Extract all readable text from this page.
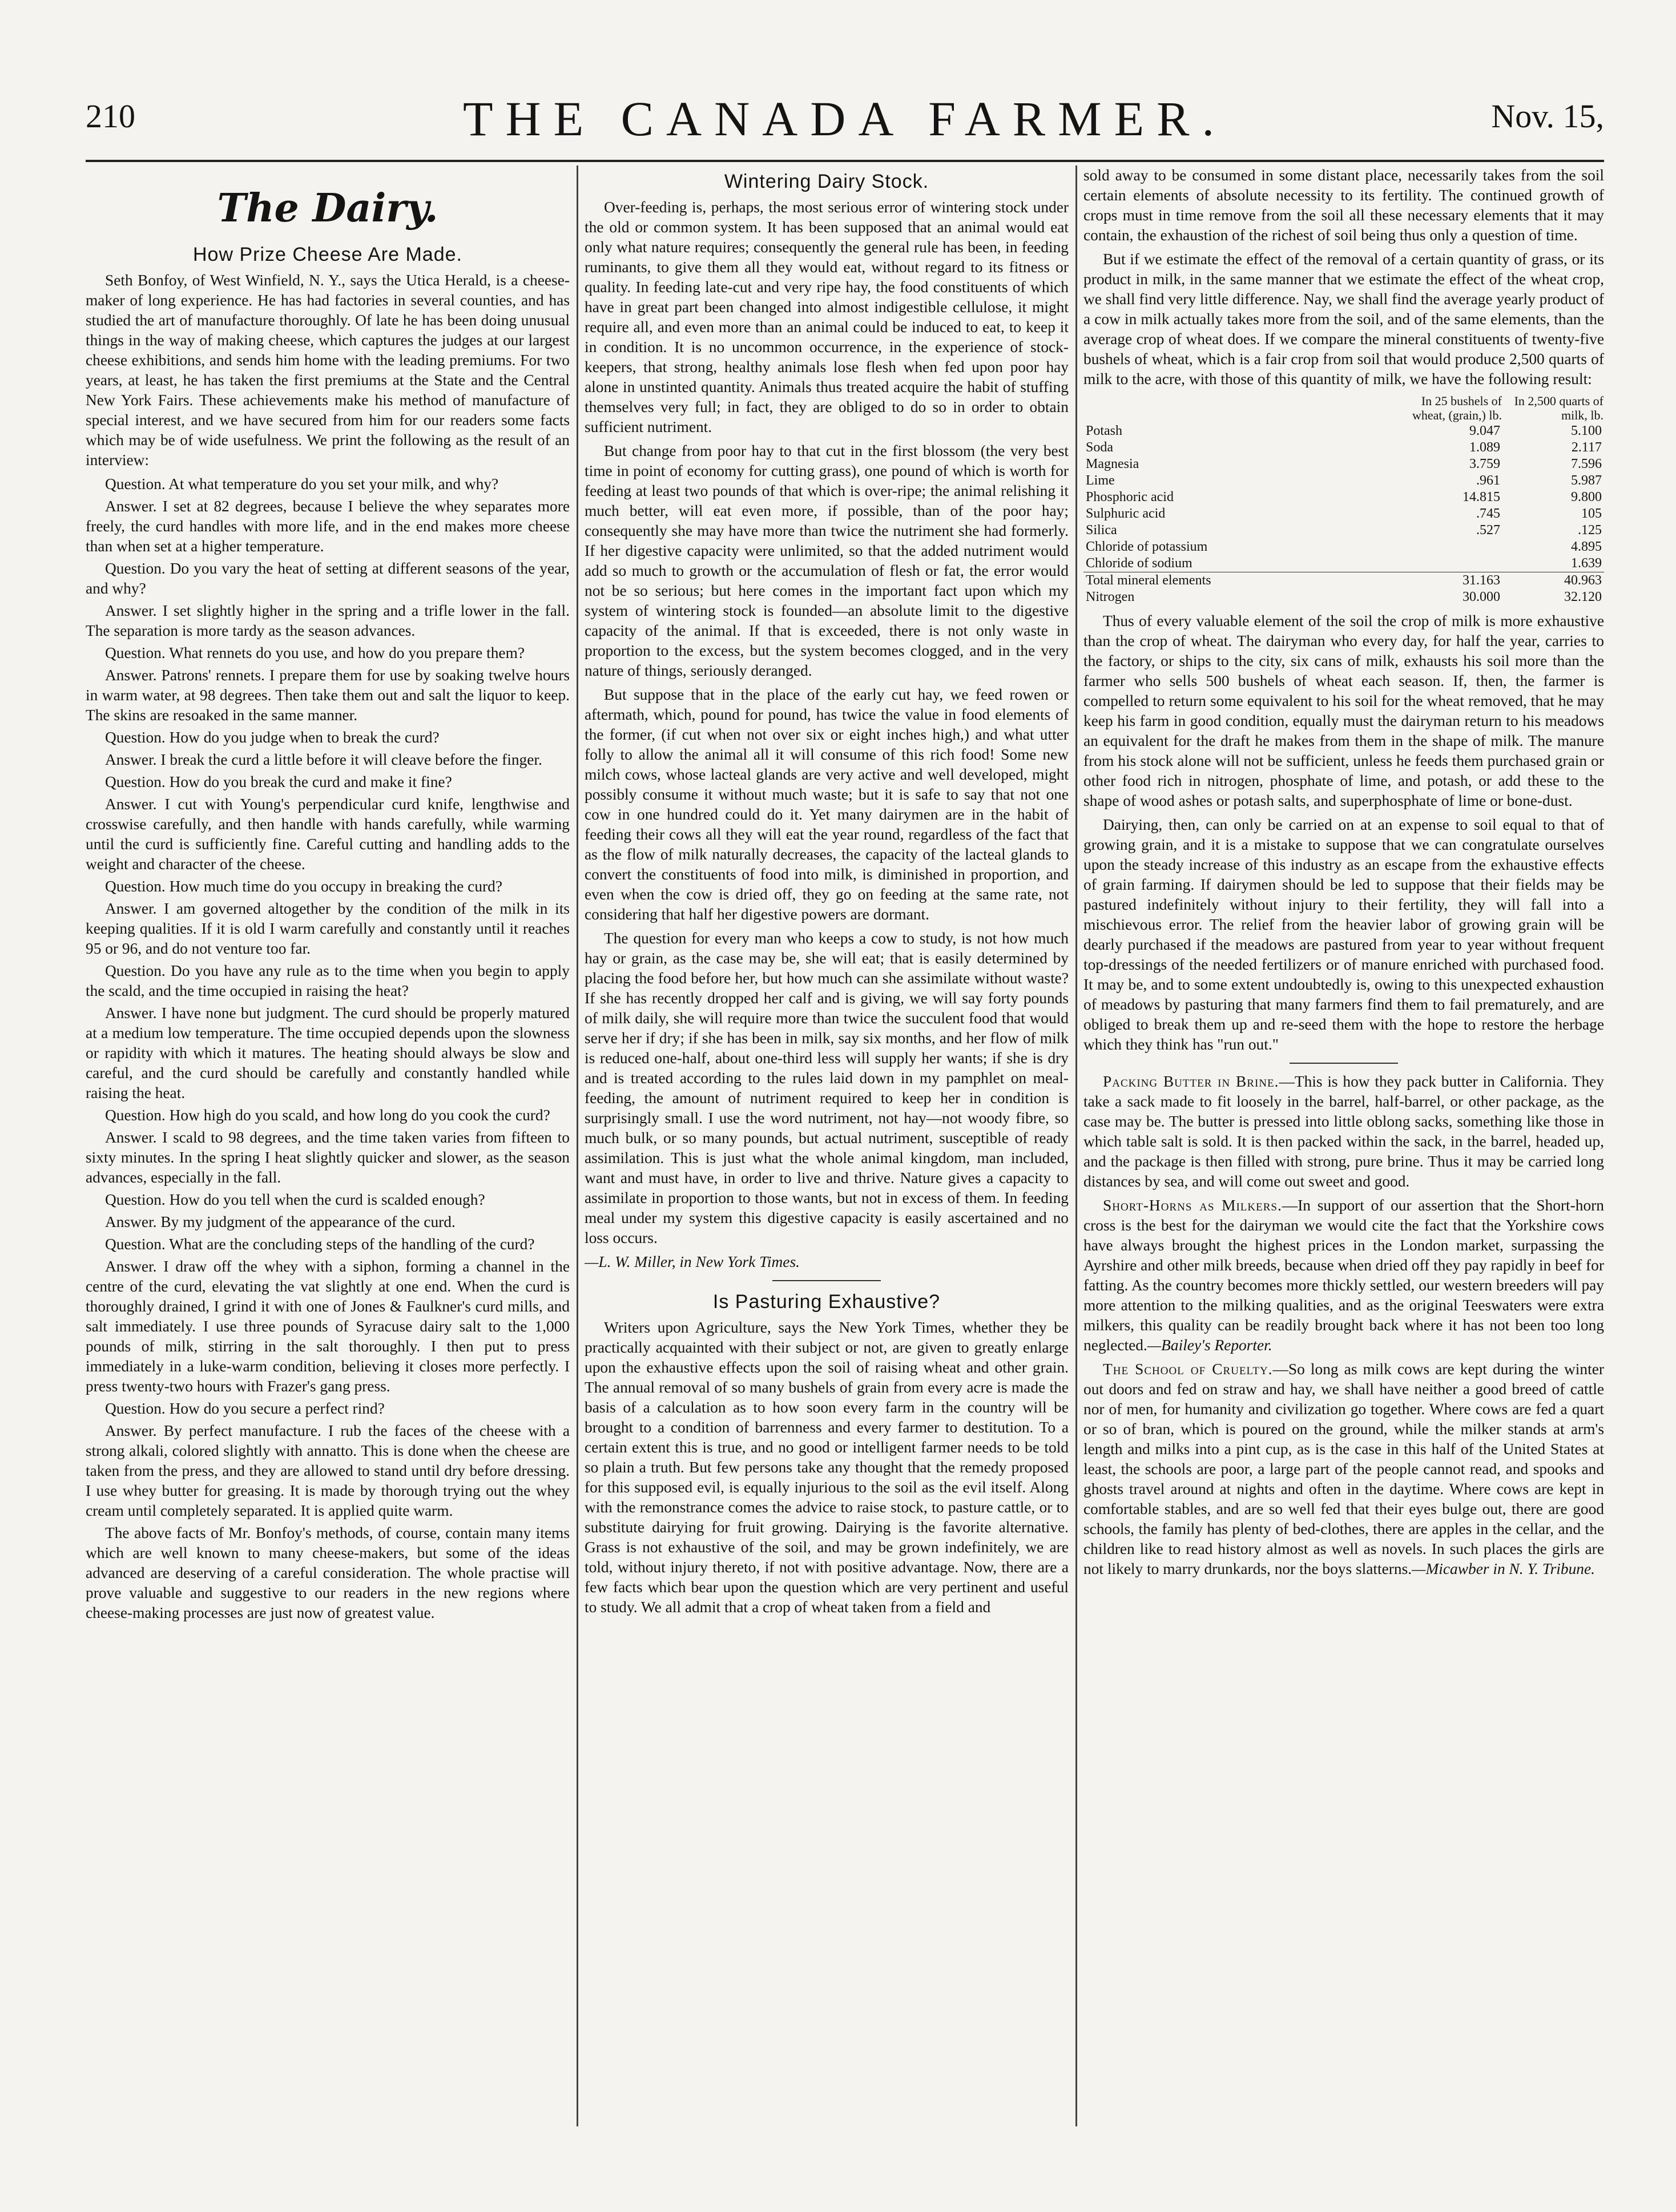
210	THE CANADA FARMER.	Nov. 15,
The Dairy.
How Prize Cheese Are Made.

Seth Bonfoy, of West Winfield, N. Y., says the Utica Herald, is a cheese-maker of long experience. He has had factories in several counties, and has studied the art of manufacture thoroughly. Of late he has been doing unusual things in the way of making cheese, which captures the judges at our largest cheese exhibitions, and sends him home with the leading premiums. For two years, at least, he has taken the first premiums at the State and the Central New York Fairs. These achievements make his method of manufacture of special interest, and we have secured from him for our readers some facts which may be of wide usefulness. We print the following as the result of an interview:

Question. At what temperature do you set your milk, and why?

Answer. I set at 82 degrees, because I believe the whey separates more freely, the curd handles with more life, and in the end makes more cheese than when set at a higher temperature.

Question. Do you vary the heat of setting at different seasons of the year, and why?

Answer. I set slightly higher in the spring and a trifle lower in the fall. The separation is more tardy as the season advances.

Question. What rennets do you use, and how do you prepare them?

Answer. Patrons' rennets. I prepare them for use by soaking twelve hours in warm water, at 98 degrees. Then take them out and salt the liquor to keep. The skins are resoaked in the same manner.

Question. How do you judge when to break the curd?

Answer. I break the curd a little before it will cleave before the finger.

Question. How do you break the curd and make it fine?

Answer. I cut with Young's perpendicular curd knife, lengthwise and crosswise carefully, and then handle with hands carefully, while warming until the curd is sufficiently fine. Careful cutting and handling adds to the weight and character of the cheese.

Question. How much time do you occupy in breaking the curd?

Answer. I am governed altogether by the condition of the milk in its keeping qualities. If it is old I warm carefully and constantly until it reaches 95 or 96, and do not venture too far.

Question. Do you have any rule as to the time when you begin to apply the scald, and the time occupied in raising the heat?

Answer. I have none but judgment. The curd should be properly matured at a medium low temperature. The time occupied depends upon the slowness or rapidity with which it matures. The heating should always be slow and careful, and the curd should be carefully and constantly handled while raising the heat.

Question. How high do you scald, and how long do you cook the curd?

Answer. I scald to 98 degrees, and the time taken varies from fifteen to sixty minutes. In the spring I heat slightly quicker and slower, as the season advances, especially in the fall.

Question. How do you tell when the curd is scalded enough?

Answer. By my judgment of the appearance of the curd.

Question. What are the concluding steps of the handling of the curd?

Answer. I draw off the whey with a siphon, forming a channel in the centre of the curd, elevating the vat slightly at one end. When the curd is thoroughly drained, I grind it with one of Jones & Faulkner's curd mills, and salt immediately. I use three pounds of Syracuse dairy salt to the 1,000 pounds of milk, stirring in the salt thoroughly. I then put to press immediately in a luke-warm condition, believing it closes more perfectly. I press twenty-two hours with Frazer's gang press.

Question. How do you secure a perfect rind?

Answer. By perfect manufacture. I rub the faces of the cheese with a strong alkali, colored slightly with annatto. This is done when the cheese are taken from the press, and they are allowed to stand until dry before dressing. I use whey butter for greasing. It is made by thorough trying out the whey cream until completely separated. It is applied quite warm.

The above facts of Mr. Bonfoy's methods, of course, contain many items which are well known to many cheese-makers, but some of the ideas advanced are deserving of a careful consideration. The whole practise will prove valuable and suggestive to our readers in the new regions where cheese-making processes are just now of greatest value.

Wintering Dairy Stock.

Over-feeding is, perhaps, the most serious error of wintering stock under the old or common system. It has been supposed that an animal would eat only what nature requires; consequently the general rule has been, in feeding ruminants, to give them all they would eat, without regard to its fitness or quality. In feeding late-cut and very ripe hay, the food constituents of which have in great part been changed into almost indigestible cellulose, it might require all, and even more than an animal could be induced to eat, to keep it in condition. It is no uncommon occurrence, in the experience of stock-keepers, that strong, healthy animals lose flesh when fed upon poor hay alone in unstinted quantity. Animals thus treated acquire the habit of stuffing themselves very full; in fact, they are obliged to do so in order to obtain sufficient nutriment.

But change from poor hay to that cut in the first blossom (the very best time in point of economy for cutting grass), one pound of which is worth for feeding at least two pounds of that which is over-ripe; the animal relishing it much better, will eat even more, if possible, than of the poor hay; consequently she may have more than twice the nutriment she had formerly. If her digestive capacity were unlimited, so that the added nutriment would add so much to growth or the accumulation of flesh or fat, the error would not be so serious; but here comes in the important fact upon which my system of wintering stock is founded—an absolute limit to the digestive capacity of the animal. If that is exceeded, there is not only waste in proportion to the excess, but the system becomes clogged, and in the very nature of things, seriously deranged.

But suppose that in the place of the early cut hay, we feed rowen or aftermath, which, pound for pound, has twice the value in food elements of the former, (if cut when not over six or eight inches high,) and what utter folly to allow the animal all it will consume of this rich food! Some new milch cows, whose lacteal glands are very active and well developed, might possibly consume it without much waste; but it is safe to say that not one cow in one hundred could do it. Yet many dairymen are in the habit of feeding their cows all they will eat the year round, regardless of the fact that as the flow of milk naturally decreases, the capacity of the lacteal glands to convert the constituents of food into milk, is diminished in proportion, and even when the cow is dried off, they go on feeding at the same rate, not considering that half her digestive powers are dormant.

The question for every man who keeps a cow to study, is not how much hay or grain, as the case may be, she will eat; that is easily determined by placing the food before her, but how much can she assimilate without waste? If she has recently dropped her calf and is giving, we will say forty pounds of milk daily, she will require more than twice the succulent food that would serve her if dry; if she has been in milk, say six months, and her flow of milk is reduced one-half, about one-third less will supply her wants; if she is dry and is treated according to the rules laid down in my pamphlet on meal-feeding, the amount of nutriment required to keep her in condition is surprisingly small. I use the word nutriment, not hay—not woody fibre, so much bulk, or so many pounds, but actual nutriment, susceptible of ready assimilation. This is just what the whole animal kingdom, man included, want and must have, in order to live and thrive. Nature gives a capacity to assimilate in proportion to those wants, but not in excess of them. In feeding meal under my system this digestive capacity is easily ascertained and no loss occurs.

—L. W. Miller, in New York Times.

Is Pasturing Exhaustive?

Writers upon Agriculture, says the New York Times, whether they be practically acquainted with their subject or not, are given to greatly enlarge upon the exhaustive effects upon the soil of raising wheat and other grain. The annual removal of so many bushels of grain from every acre is made the basis of a calculation as to how soon every farm in the country will be brought to a condition of barrenness and every farmer to destitution. To a certain extent this is true, and no good or intelligent farmer needs to be told so plain a truth. But few persons take any thought that the remedy proposed for this supposed evil, is equally injurious to the soil as the evil itself. Along with the remonstrance comes the advice to raise stock, to pasture cattle, or to substitute dairying for fruit growing. Dairying is the favorite alternative. Grass is not exhaustive of the soil, and may be grown indefinitely, we are told, without injury thereto, if not with positive advantage. Now, there are a few facts which bear upon the question which are very pertinent and useful to study. We all admit that a crop of wheat taken from a field and

sold away to be consumed in some distant place, necessarily takes from the soil certain elements of absolute necessity to its fertility. The continued growth of crops must in time remove from the soil all these necessary elements that it may contain, the exhaustion of the richest of soil being thus only a question of time.

But if we estimate the effect of the removal of a certain quantity of grass, or its product in milk, in the same manner that we estimate the effect of the wheat crop, we shall find very little difference. Nay, we shall find the average yearly product of a cow in milk actually takes more from the soil, and of the same elements, than the average crop of wheat does. If we compare the mineral constituents of twenty-five bushels of wheat, which is a fair crop from soil that would produce 2,500 quarts of milk to the acre, with those of this quantity of milk, we have the following result:

	In 25 bushels of wheat, (grain,) lb.	In 2,500 quarts of milk, lb.
Potash	9.047	5.100
Soda	1.089	2.117
Magnesia	3.759	7.596
Lime	.961	5.987
Phosphoric acid	14.815	9.800
Sulphuric acid	.745	105
Silica	.527	.125
Chloride of potassium		4.895
Chloride of sodium		1.639
Total mineral elements	31.163	40.963
Nitrogen	30.000	32.120

Thus of every valuable element of the soil the crop of milk is more exhaustive than the crop of wheat. The dairyman who every day, for half the year, carries to the factory, or ships to the city, six cans of milk, exhausts his soil more than the farmer who sells 500 bushels of wheat each season. If, then, the farmer is compelled to return some equivalent to his soil for the wheat removed, that he may keep his farm in good condition, equally must the dairyman return to his meadows an equivalent for the draft he makes from them in the shape of milk. The manure from his stock alone will not be sufficient, unless he feeds them purchased grain or other food rich in nitrogen, phosphate of lime, and potash, or add these to the shape of wood ashes or potash salts, and superphosphate of lime or bone-dust.

Dairying, then, can only be carried on at an expense to soil equal to that of growing grain, and it is a mistake to suppose that we can congratulate ourselves upon the steady increase of this industry as an escape from the exhaustive effects of grain farming. If dairymen should be led to suppose that their fields may be pastured indefinitely without injury to their fertility, they will fall into a mischievous error. The relief from the heavier labor of growing grain will be dearly purchased if the meadows are pastured from year to year without frequent top-dressings of the needed fertilizers or of manure enriched with purchased food. It may be, and to some extent undoubtedly is, owing to this unexpected exhaustion of meadows by pasturing that many farmers find them to fail prematurely, and are obliged to break them up and re-seed them with the hope to restore the herbage which they think has "run out."

Packing Butter in Brine.—This is how they pack butter in California. They take a sack made to fit loosely in the barrel, half-barrel, or other package, as the case may be. The butter is pressed into little oblong sacks, something like those in which table salt is sold. It is then packed within the sack, in the barrel, headed up, and the package is then filled with strong, pure brine. Thus it may be carried long distances by sea, and will come out sweet and good.

Short-Horns as Milkers.—In support of our assertion that the Short-horn cross is the best for the dairyman we would cite the fact that the Yorkshire cows have always brought the highest prices in the London market, surpassing the Ayrshire and other milk breeds, because when dried off they pay rapidly in beef for fatting. As the country becomes more thickly settled, our western breeders will pay more attention to the milking qualities, and as the original Teeswaters were extra milkers, this quality can be readily brought back where it has not been too long neglected.—Bailey's Reporter.

The School of Cruelty.—So long as milk cows are kept during the winter out doors and fed on straw and hay, we shall have neither a good breed of cattle nor of men, for humanity and civilization go together. Where cows are fed a quart or so of bran, which is poured on the ground, while the milker stands at arm's length and milks into a pint cup, as is the case in this half of the United States at least, the schools are poor, a large part of the people cannot read, and spooks and ghosts travel around at nights and often in the daytime. Where cows are kept in comfortable stables, and are so well fed that their eyes bulge out, there are good schools, the family has plenty of bed-clothes, there are apples in the cellar, and the children like to read history almost as well as novels. In such places the girls are not likely to marry drunkards, nor the boys slatterns.—Micawber in N. Y. Tribune.
